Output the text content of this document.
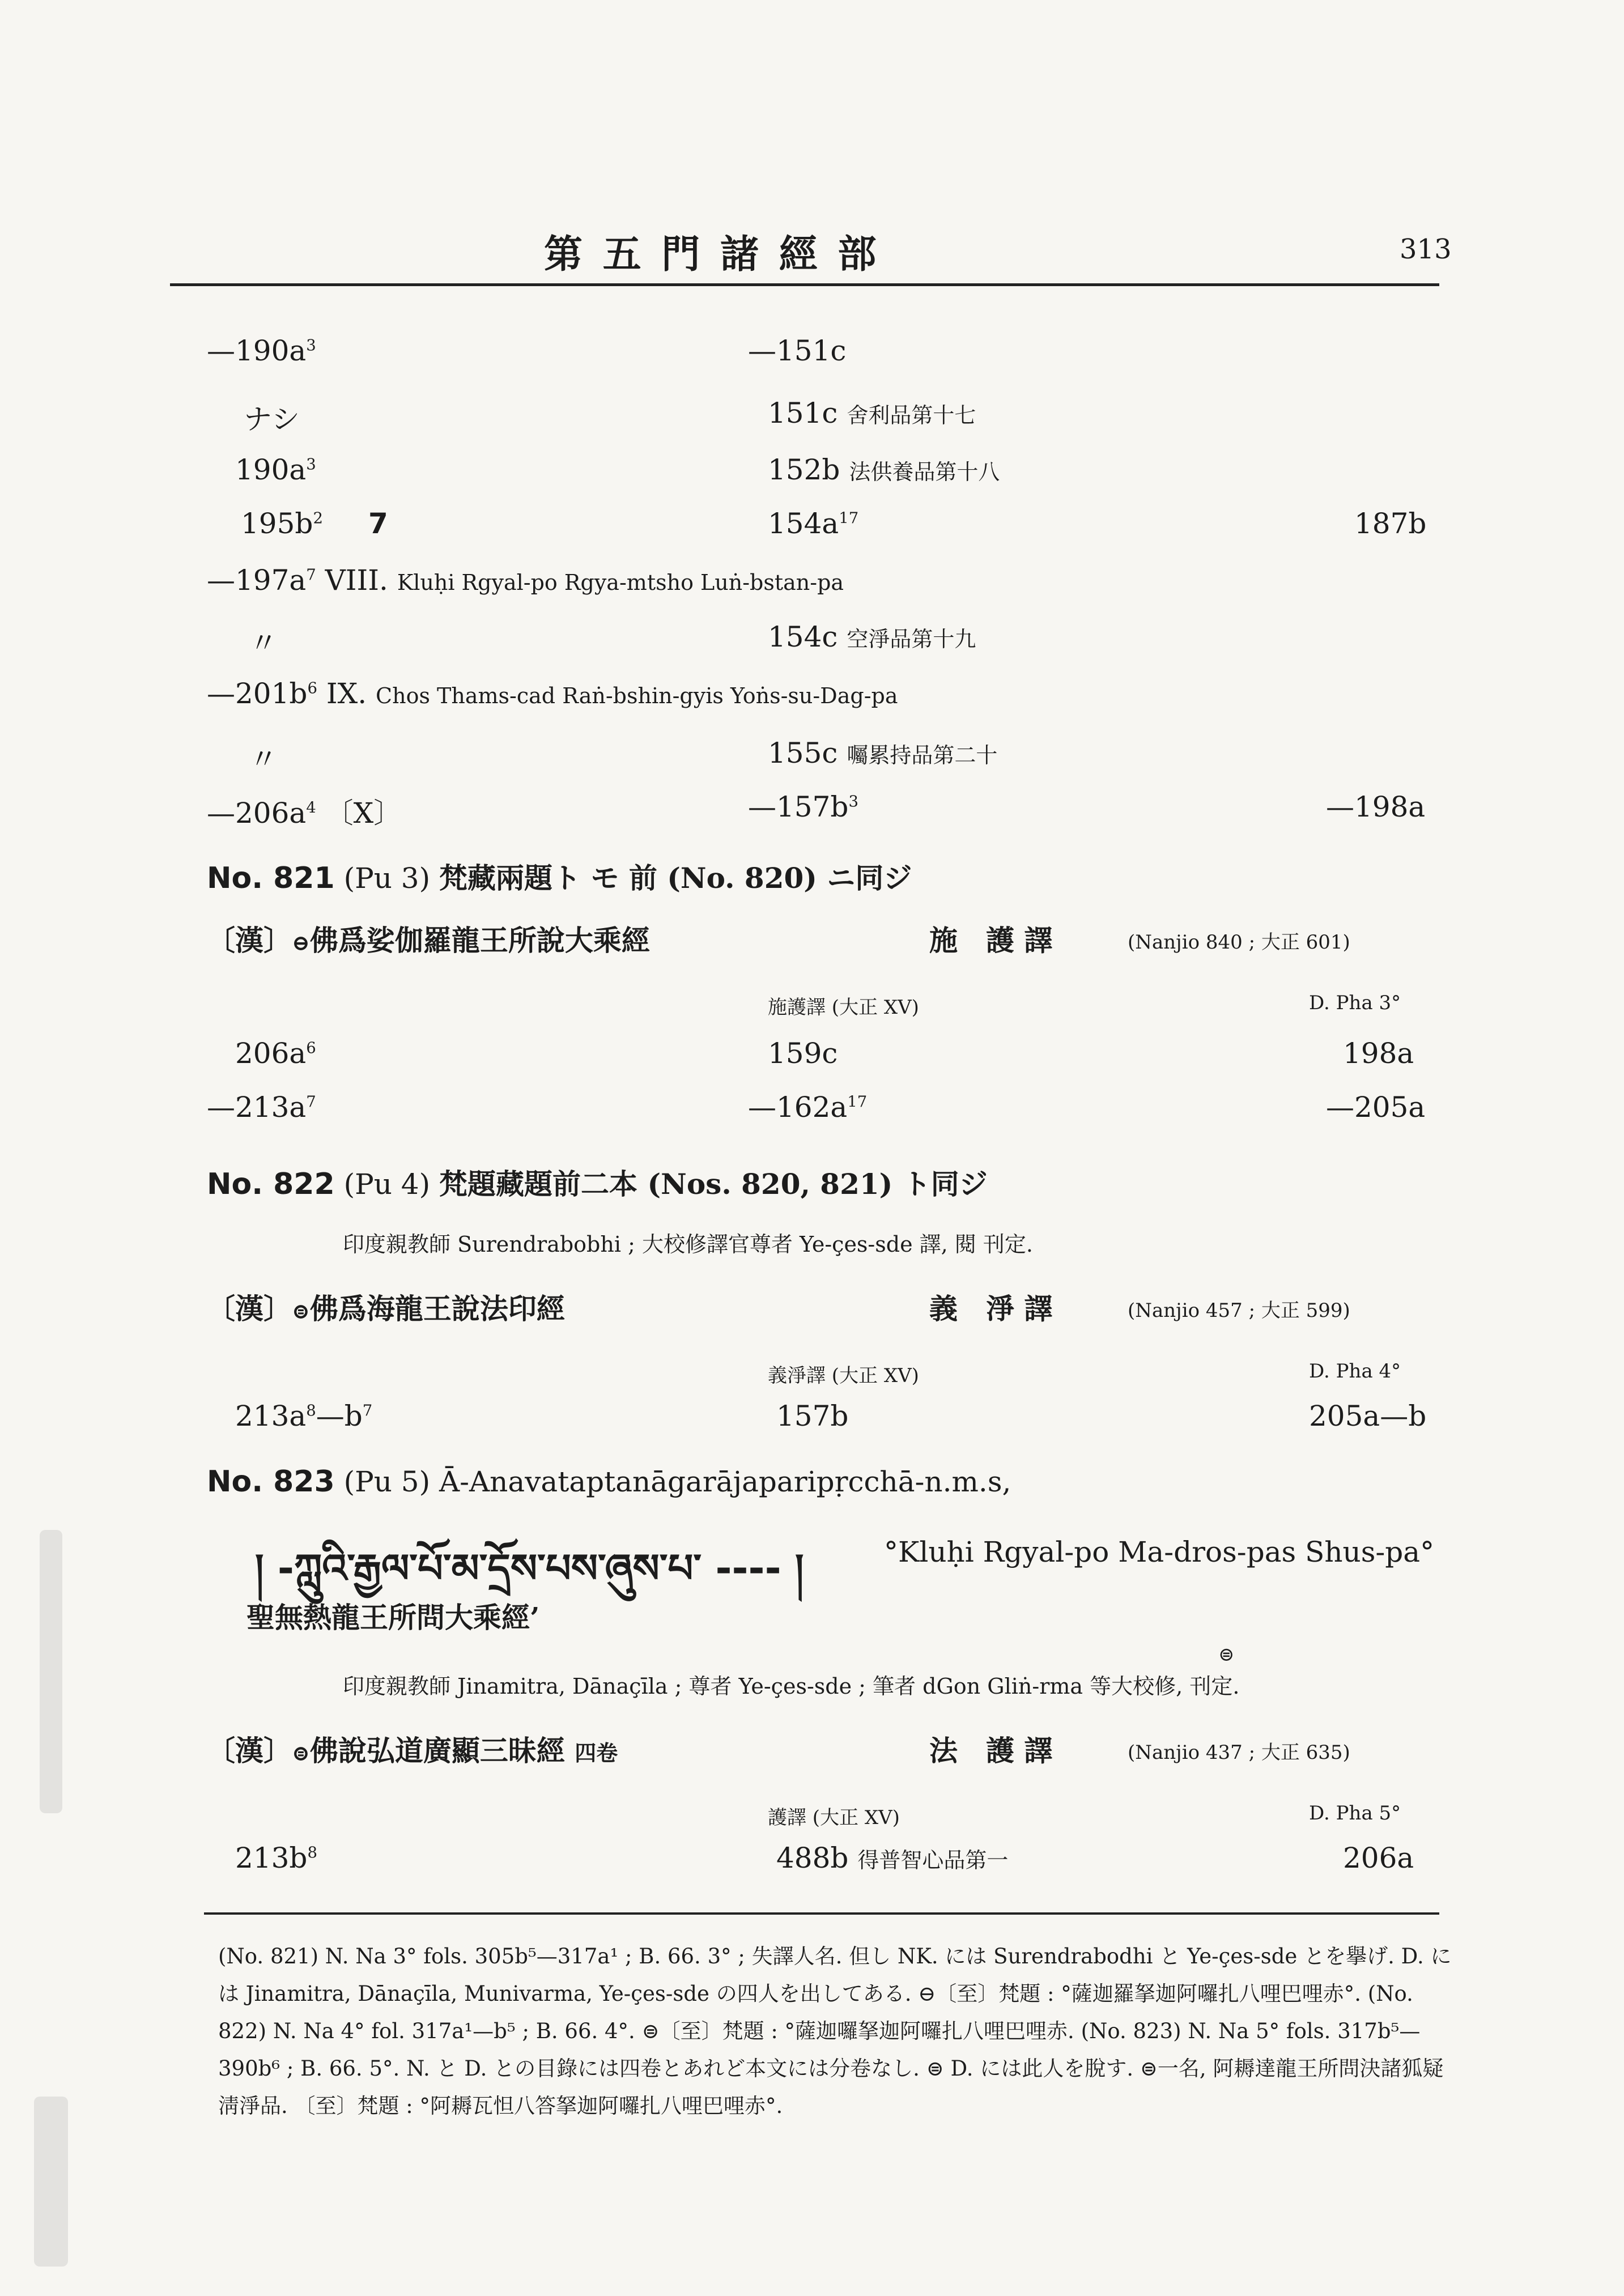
第 五 門 諸 經 部	313
$—190a^3$	—151c
ナシ	151c 舍利品第十七
$190a^3$	152b 法供養品第十八
$195b^2$ 7	$154a^{17}$	187b
$—197a^7$ VIII. Kluḥi Rgyal-po Rgya-mtsho Luṅ-bstan-pa
〃	154c 空淨品第十九
$—201b^6$ IX. Chos Thams-cad Raṅ-bshin-gyis Yoṅs-su-Dag-pa
〃	155c 囑累持品第二十
$—206a^4$ 〔X〕	$—157b^3$	—198a
No. 821 (Pu 3) 梵藏兩題ト モ 前 (No. 820) ニ同ジ
〔漢〕⊖佛爲娑伽羅龍王所說大乘經	施　護 譯	(Nanjio 840 ; 大正 601)
施護譯 (大正 XV)	D. Pha 3°
$206a^6$	159c	198a
$—213a^7$	$—162a^{17}$	—205a
No. 822 (Pu 4) 梵題藏題前二本 (Nos. 820, 821) ト同ジ
印度親教師 Surendrabobhi ; 大校修譯官尊者 Ye-çes-sde 譯, 閱 刊定.
〔漢〕⊜佛爲海龍王說法印經	義　淨 譯	(Nanjio 457 ; 大正 599)
義淨譯 (大正 XV)	D. Pha 4°
$213a^8—b^7$	157b	205a—b
No. 823 (Pu 5) Ā-Anavataptanāgarājaparipṛcchā-n.m.s,
། -ཀླུའི་རྒྱལ་པོ་མ་དྲོས་པས་ཞུས་པ་ ---- །	°Kluḥi Rgyal-po Ma-dros-pas Shus-pa°
聖無熱龍王所問大乘經’
⊜
印度親教師 Jinamitra, Dānaçīla ; 尊者 Ye-çes-sde ; 筆者 dGon Gliṅ-rma 等大校修, 刊定.
〔漢〕⊜佛說弘道廣顯三昧經 四卷	法　護 譯	(Nanjio 437 ; 大正 635)
護譯 (大正 XV)	D. Pha 5°
$213b^8$	488b 得普智心品第一	206a
(No. 821) N. Na 3° fols. 305b⁵—317a¹ ; B. 66. 3° ; 失譯人名. 但し NK. には Surendrabodhi と Ye-çes-sde とを擧げ. D. には Jinamitra, Dānaçīla, Munivarma, Ye-çes-sde の四人を出してある. ⊖〔至〕梵題 : °薩迦羅拏迦阿囉扎八哩巴哩赤°. (No. 822) N. Na 4° fol. 317a¹—b⁵ ; B. 66. 4°. ⊜〔至〕梵題 : °薩迦囉拏迦阿囉扎八哩巴哩赤. (No. 823) N. Na 5° fols. 317b⁵—390b⁶ ; B. 66. 5°. N. と D. との目錄には四卷とあれど本文には分卷なし. ⊜ D. には此人を脫す. ⊜一名, 阿耨達龍王所問決諸狐疑淸淨品. 〔至〕梵題 : °阿耨瓦怛八答拏迦阿囉扎八哩巴哩赤°.
